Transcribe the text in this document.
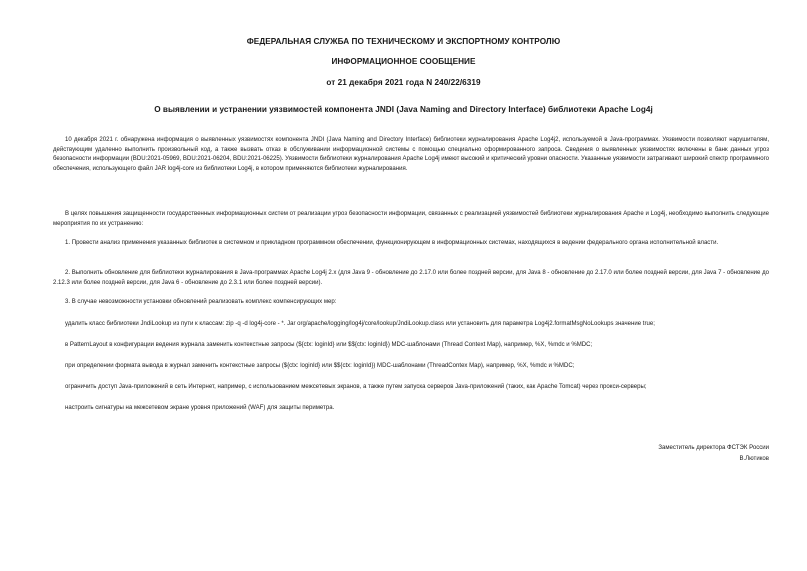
ФЕДЕРАЛЬНАЯ СЛУЖБА ПО ТЕХНИЧЕСКОМУ И ЭКСПОРТНОМУ КОНТРОЛЮ
ИНФОРМАЦИОННОЕ СООБЩЕНИЕ
от 21 декабря 2021 года N 240/22/6319
О выявлении и устранении уязвимостей компонента JNDI (Java Naming and Directory Interface) библиотеки Apache Log4j

10 декабря 2021 г. обнаружена информация о выявленных уязвимостях компонента JNDI (Java Naming and Directory Interface) библиотеки журналирования Apache Log4j2, используемой в Java-программах. Уязвимости позволяют нарушителям, действующим удаленно выполнить произвольный код, а также вызвать отказ в обслуживании информационной системы с помощью специально сформированного запроса. Сведения о выявленных уязвимостях включены в банк данных угроз безопасности информации (BDU:2021-05969, BDU:2021-06204, BDU:2021-06225). Уязвимости библиотеки журналирования Apache Log4j имеют высокий и критический уровни опасности. Указанные уязвимости затрагивают широкий спектр программного обеспечения, использующего файл JAR log4j-core из библиотеки Log4j, в котором применяются библиотеки журналирования.

В целях повышения защищенности государственных информационных систем от реализации угроз безопасности информации, связанных с реализацией уязвимостей библиотеки журналирования Apache и Log4j, необходимо выполнить следующие мероприятия по их устранению:

1. Провести анализ применения указанных библиотек в системном и прикладном программном обеспечении, функционирующем в информационных системах, находящихся в ведении федерального органа исполнительной власти.

2. Выполнить обновление для библиотеки журналирования в Java-программах Apache Log4j 2.x (для Java 9 - обновление до 2.17.0 или более поздней версии, для Java 8 - обновление до 2.17.0 или более поздней версии, для Java 7 - обновление до 2.12.3 или более поздней версии, для Java 6 - обновление до 2.3.1 или более поздней версии).

3. В случае невозможности установки обновлений реализовать комплекс компенсирующих мер:
удалить класс библиотеки JndiLookup из пути к классам: zip -q -d log4j-core - *. Jar org/apache/logging/log4j/core/lookup/JndiLookup.class или установить для параметра Log4j2.formatMsgNoLookups значение true;
в PatternLayout в конфигурации ведения журнала заменить контекстные запросы (${ctx: loginId} или $${ctx: loginId}) MDC-шаблонами (Thread Context Map), например, %X, %mdc и %MDC;
при определении формата вывода в журнал заменить контекстные запросы (${ctx: loginId} или $${ctx: loginId}) MDC-шаблонами (ThreadContex Map), например, %X, %mdc и %MDC;
ограничить доступ Java-приложений в сеть Интернет, например, с использованием межсетевых экранов, а также путем запуска серверов Java-приложений (таких, как Apache Tomcat) через прокси-серверы;
настроить сигнатуры на межсетевом экране уровня приложений (WAF) для защиты периметра.
Заместитель директора ФСТЭК России
В.Лютиков
